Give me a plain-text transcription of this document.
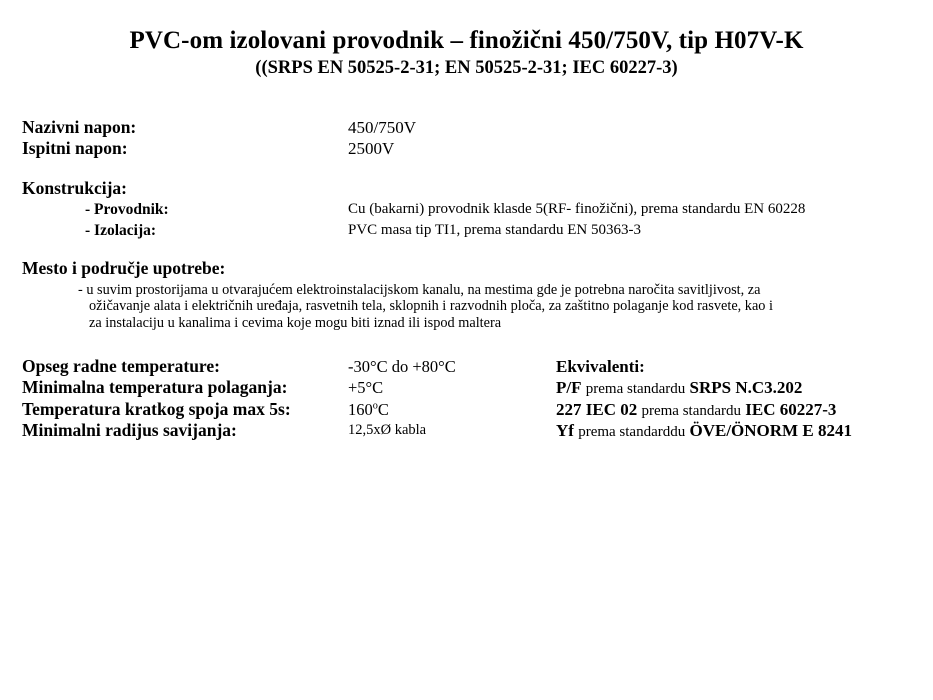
PVC-om izolovani provodnik – finožični 450/750V, tip H07V-K
((SRPS EN 50525-2-31; EN 50525-2-31; IEC 60227-3)
Nazivni napon:	450/750V
Ispitni napon:	2500V
Konstrukcija:
- Provodnik:	Cu (bakarni) provodnik klasde 5(RF- finožični), prema standardu EN 60228
- Izolacija:	PVC masa tip TI1, prema standardu EN 50363-3
Mesto i područje upotrebe:
- u suvim prostorijama u otvarajućem elektroinstalacijskom kanalu, na mestima gde je potrebna naročita savitljivost, za
ožičavanje alata i električnih uređaja, rasvetnih tela, sklopnih i razvodnih ploča, za zaštitno polaganje kod rasvete, kao i
za instalaciju u kanalima i cevima koje mogu biti iznad ili ispod maltera
Opseg radne temperature:	-30°C do +80°C	Ekvivalenti:
Minimalna temperatura polaganja:	+5°C	P/F prema standardu SRPS N.C3.202
Temperatura kratkog spoja max 5s:	160$^o$C	227 IEC 02 prema standardu IEC 60227-3
Minimalni radijus savijanja:	12,5xØ kabla	Yf prema standarddu ÖVE/ÖNORM E 8241
